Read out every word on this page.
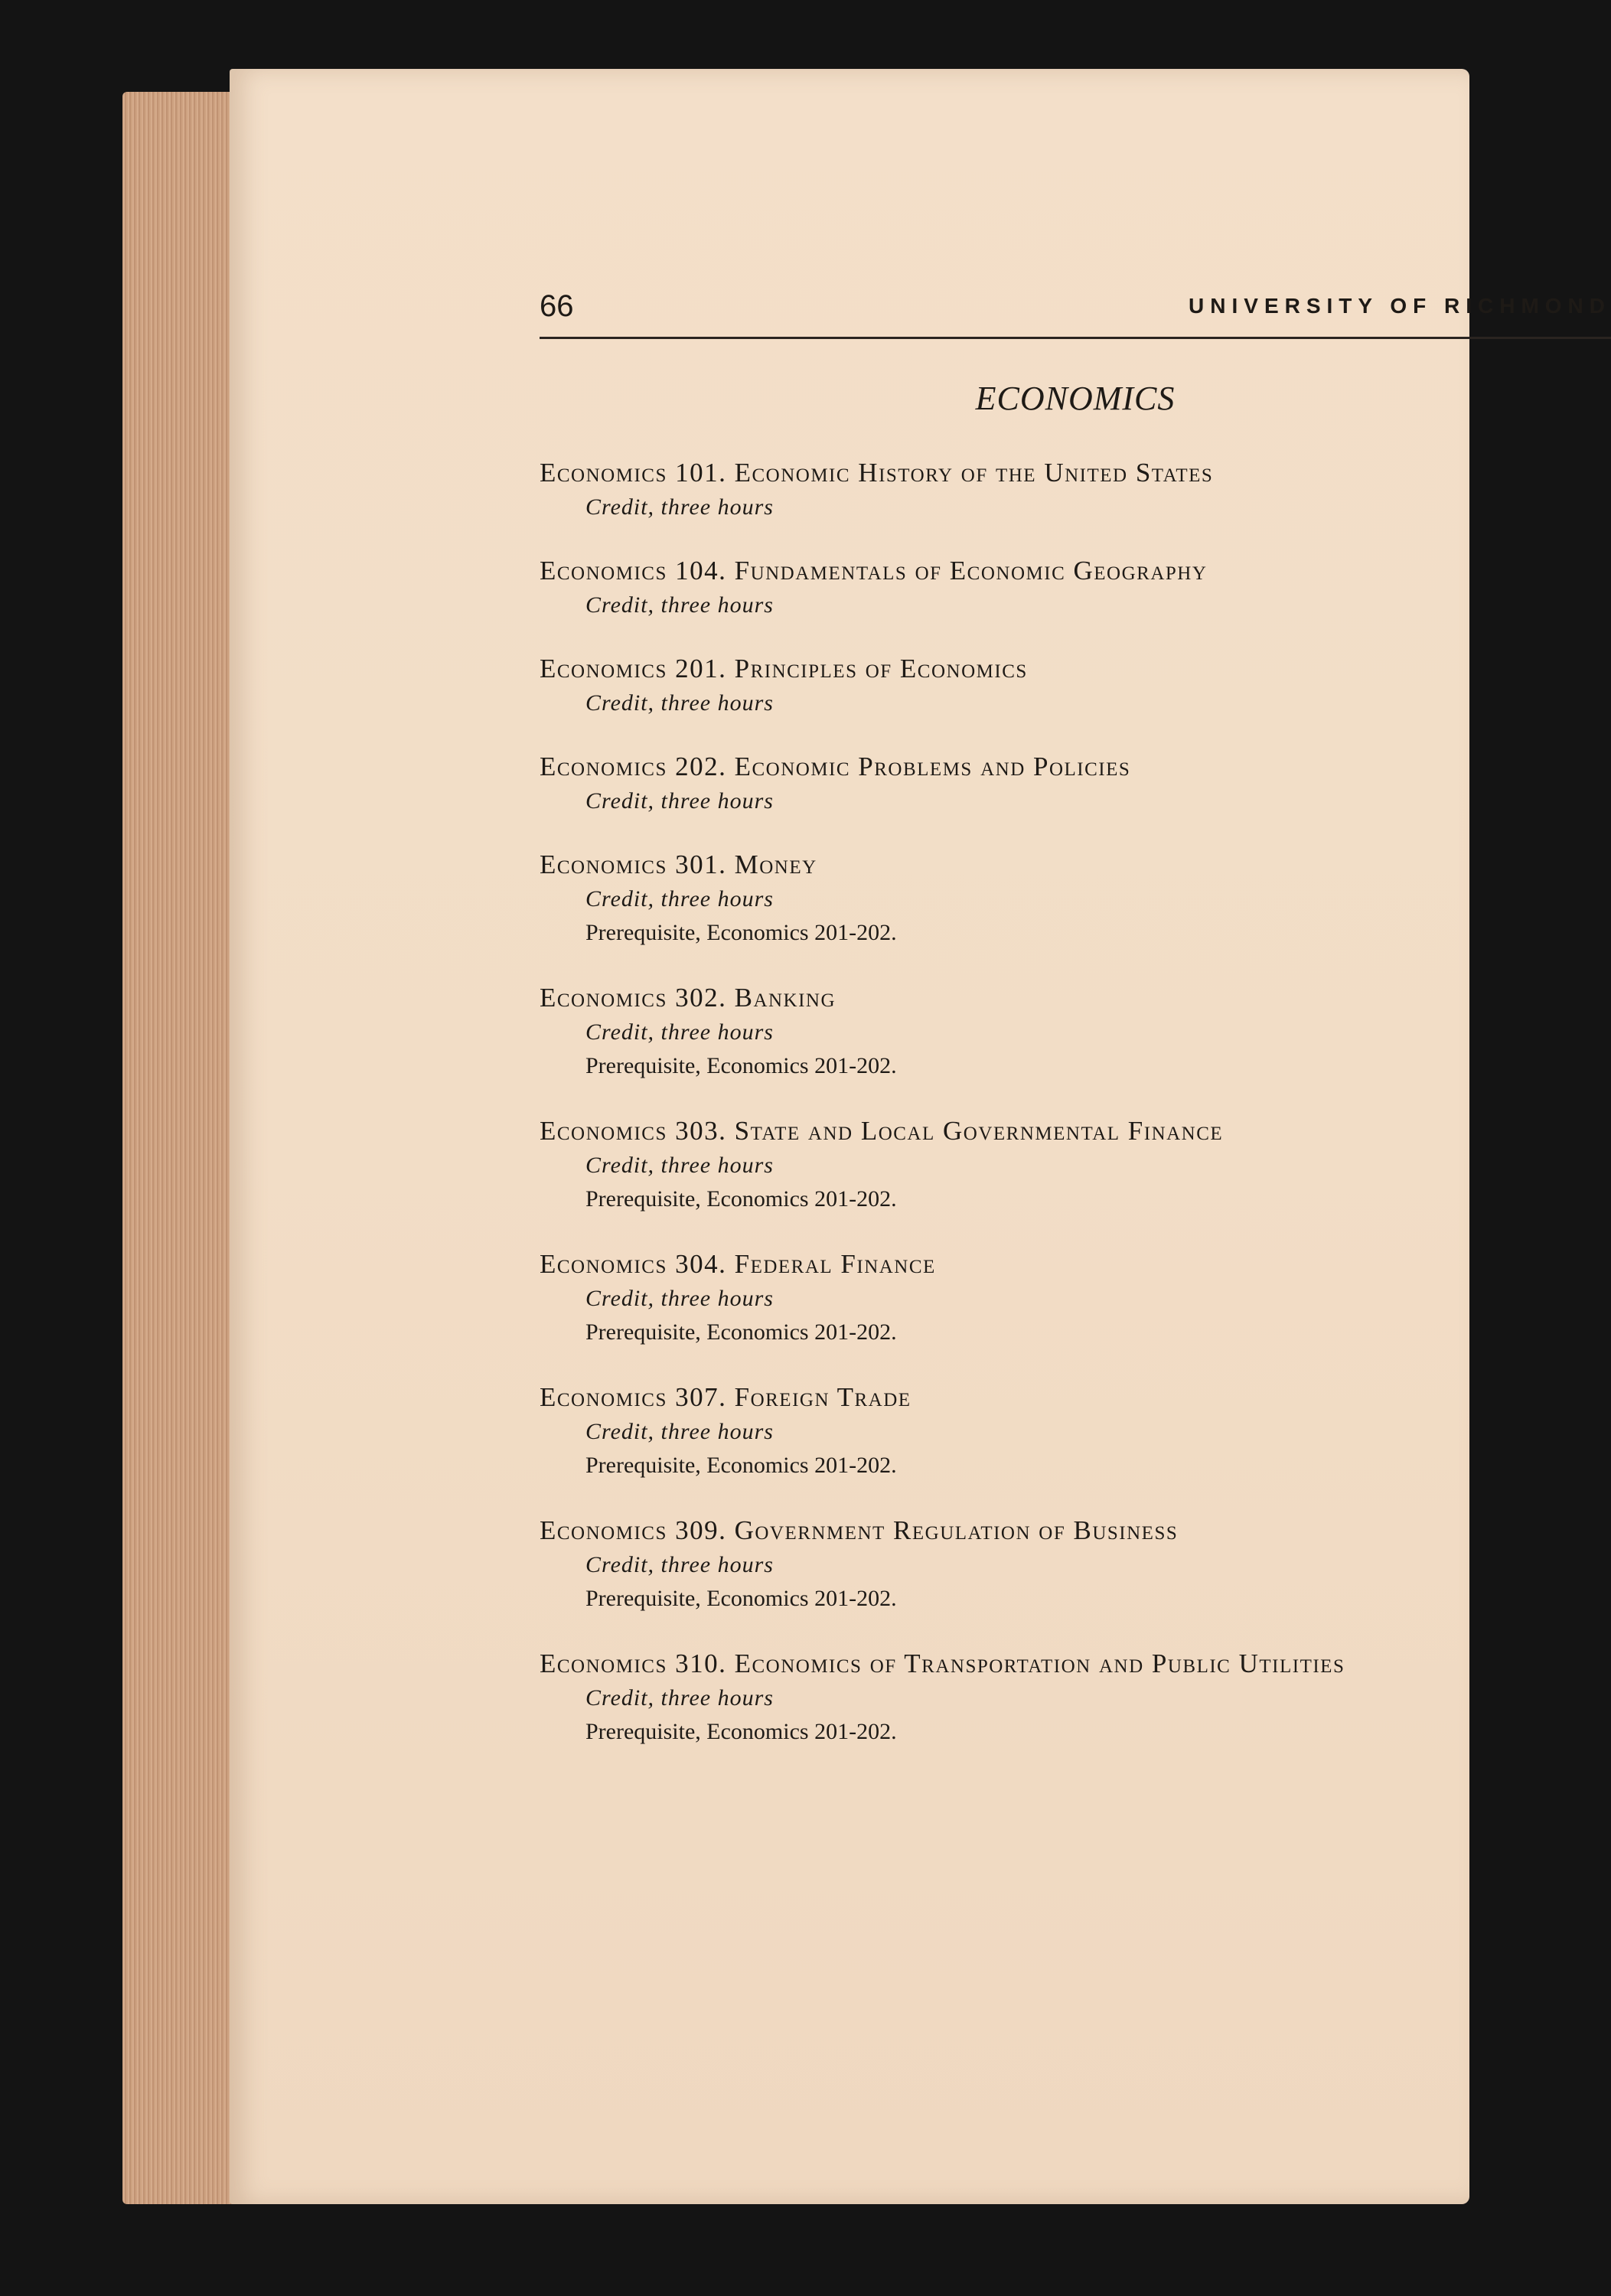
66	UNIVERSITY OF RICHMOND
ECONOMICS
Economics 101. Economic History of the United States
Credit, three hours
Economics 104. Fundamentals of Economic Geography
Credit, three hours
Economics 201. Principles of Economics
Credit, three hours
Economics 202. Economic Problems and Policies
Credit, three hours
Economics 301. Money
Credit, three hours
Prerequisite, Economics 201-202.
Economics 302. Banking
Credit, three hours
Prerequisite, Economics 201-202.
Economics 303. State and Local Governmental Finance
Credit, three hours
Prerequisite, Economics 201-202.
Economics 304. Federal Finance
Credit, three hours
Prerequisite, Economics 201-202.
Economics 307. Foreign Trade
Credit, three hours
Prerequisite, Economics 201-202.
Economics 309. Government Regulation of Business
Credit, three hours
Prerequisite, Economics 201-202.
Economics 310. Economics of Transportation and Public Utilities
Credit, three hours
Prerequisite, Economics 201-202.
